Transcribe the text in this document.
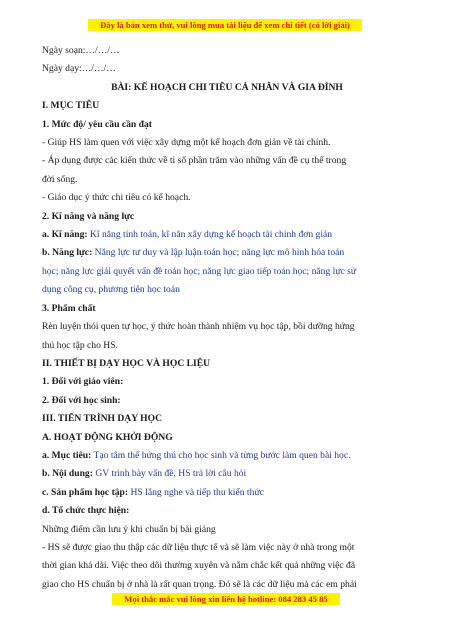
Đây là bản xem thử, vui lòng mua tài liệu để xem chi tiết (có lời giải)

Ngày soạn:…/…/…

Ngày dạy:…/…/…

BÀI: KẾ HOẠCH CHI TIÊU CÁ NHÂN VÀ GIA ĐÌNH

I. MỤC TIÊU

1. Mức độ/ yêu cầu cần đạt

- Giúp HS làm quen với việc xây dựng một kế hoạch đơn giản về tài chính.

- Áp dụng được các kiến thức về tỉ số phần trăm vào những vấn đề cụ thể trong

đời sống.

- Giáo dục ý thức chi tiêu có kế hoạch.

2. Kĩ năng và năng lực

a. Kĩ năng: Kĩ năng tính toán, kĩ năn xây dựng kế hoạch tài chính đơn giản

b. Năng lực: Năng lực tư duy và lập luận toán học; năng lực mô hình hóa toán

học; năng lực giải quyết vấn đề toán học; năng lực giao tiếp toán học; năng lực sử

dụng công cụ, phương tiện học toán

3. Phẩm chất

Rèn luyện thói quen tự học, ý thức hoàn thành nhiệm vụ học tập, bồi dưỡng hứng

thú học tập cho HS.

II. THIẾT BỊ DẠY HỌC VÀ HỌC LIỆU

1. Đối với giáo viên:

2. Đối với học sinh:

III. TIẾN TRÌNH DẠY HỌC

A. HOẠT ĐỘNG KHỞI ĐỘNG

a. Mục tiêu: Tạo tâm thế hứng thú cho học sinh và từng bước làm quen bài học.

b. Nội dung: GV trình bày vấn đề, HS trả lời câu hỏi

c. Sản phẩm học tập: HS lắng nghe và tiếp thu kiến thức

d. Tổ chức thực hiện:

Những điểm cần lưu ý khi chuẩn bị bài giảng

- HS sẽ được giao thu thập các dữ liệu thực tế và sẽ làm việc này ở nhà trong một

thời gian khá dài. Việc theo dõi thường xuyên và nắm chắc kết quả những việc đã

giao cho HS chuẩn bị ở nhà là rất quan trọng. Đó sẽ là các dữ liệu mà các em phải

Mọi thắc mắc vui lòng xin liên hệ hotline: 084 283 45 85
